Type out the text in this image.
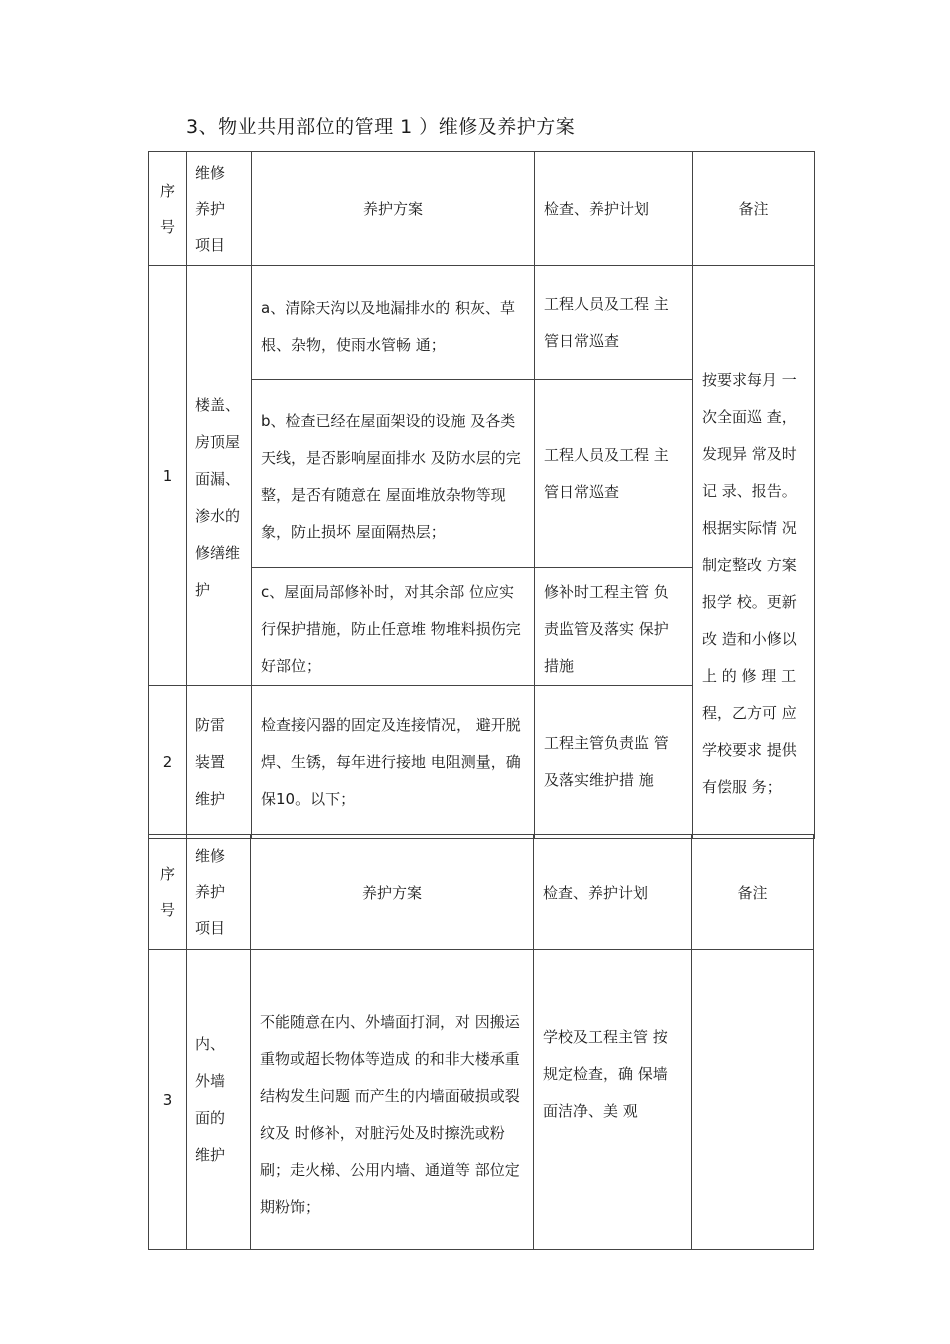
3、物业共用部位的管理 1 ）维修及养护方案
序号	维修养护项目	养护方案	检查、养护计划	备注
1	楼盖、房顶屋面漏、渗水的修缮维护	a、清除天沟以及地漏排水的 积灰、草根、杂物，使雨水管畅 通；	工程人员及工程 主管日常巡查	按要求每月 一次全面巡 查，发现异 常及时记 录、报告。根据实际情 况制定整改 方案报学 校。更新改 造和小修以 上 的 修 理 工程，乙方可 应学校要求 提供有偿服 务；

		b、检查已经在屋面架设的设施 及各类天线，是否影响屋面排水 及防水层的完整，是否有随意在 屋面堆放杂物等现象，防止损坏 屋面隔热层；	工程人员及工程 主管日常巡查	

		c、屋面局部修补时，对其余部 位应实行保护措施，防止任意堆 物堆料损伤完好部位；	修补时工程主管 负责监管及落实 保护措施	

2	防雷装置维护	检查接闪器的固定及连接情况， 避开脱焊、生锈，每年进行接地 电阻测量，确保10。以下；	工程主管负责监 管及落实维护措 施	
序号	维修养护项目	养护方案	检查、养护计划	备注
3	内、外墙面的维护	不能随意在内、外墙面打洞，对 因搬运重物或超长物体等造成 的和非大楼承重结构发生问题 而产生的内墙面破损或裂纹及 时修补，对脏污处及时擦洗或粉 刷；走火梯、公用内墙、通道等 部位定期粉饰；	学校及工程主管 按规定检查，确 保墙面洁净、美 观	
